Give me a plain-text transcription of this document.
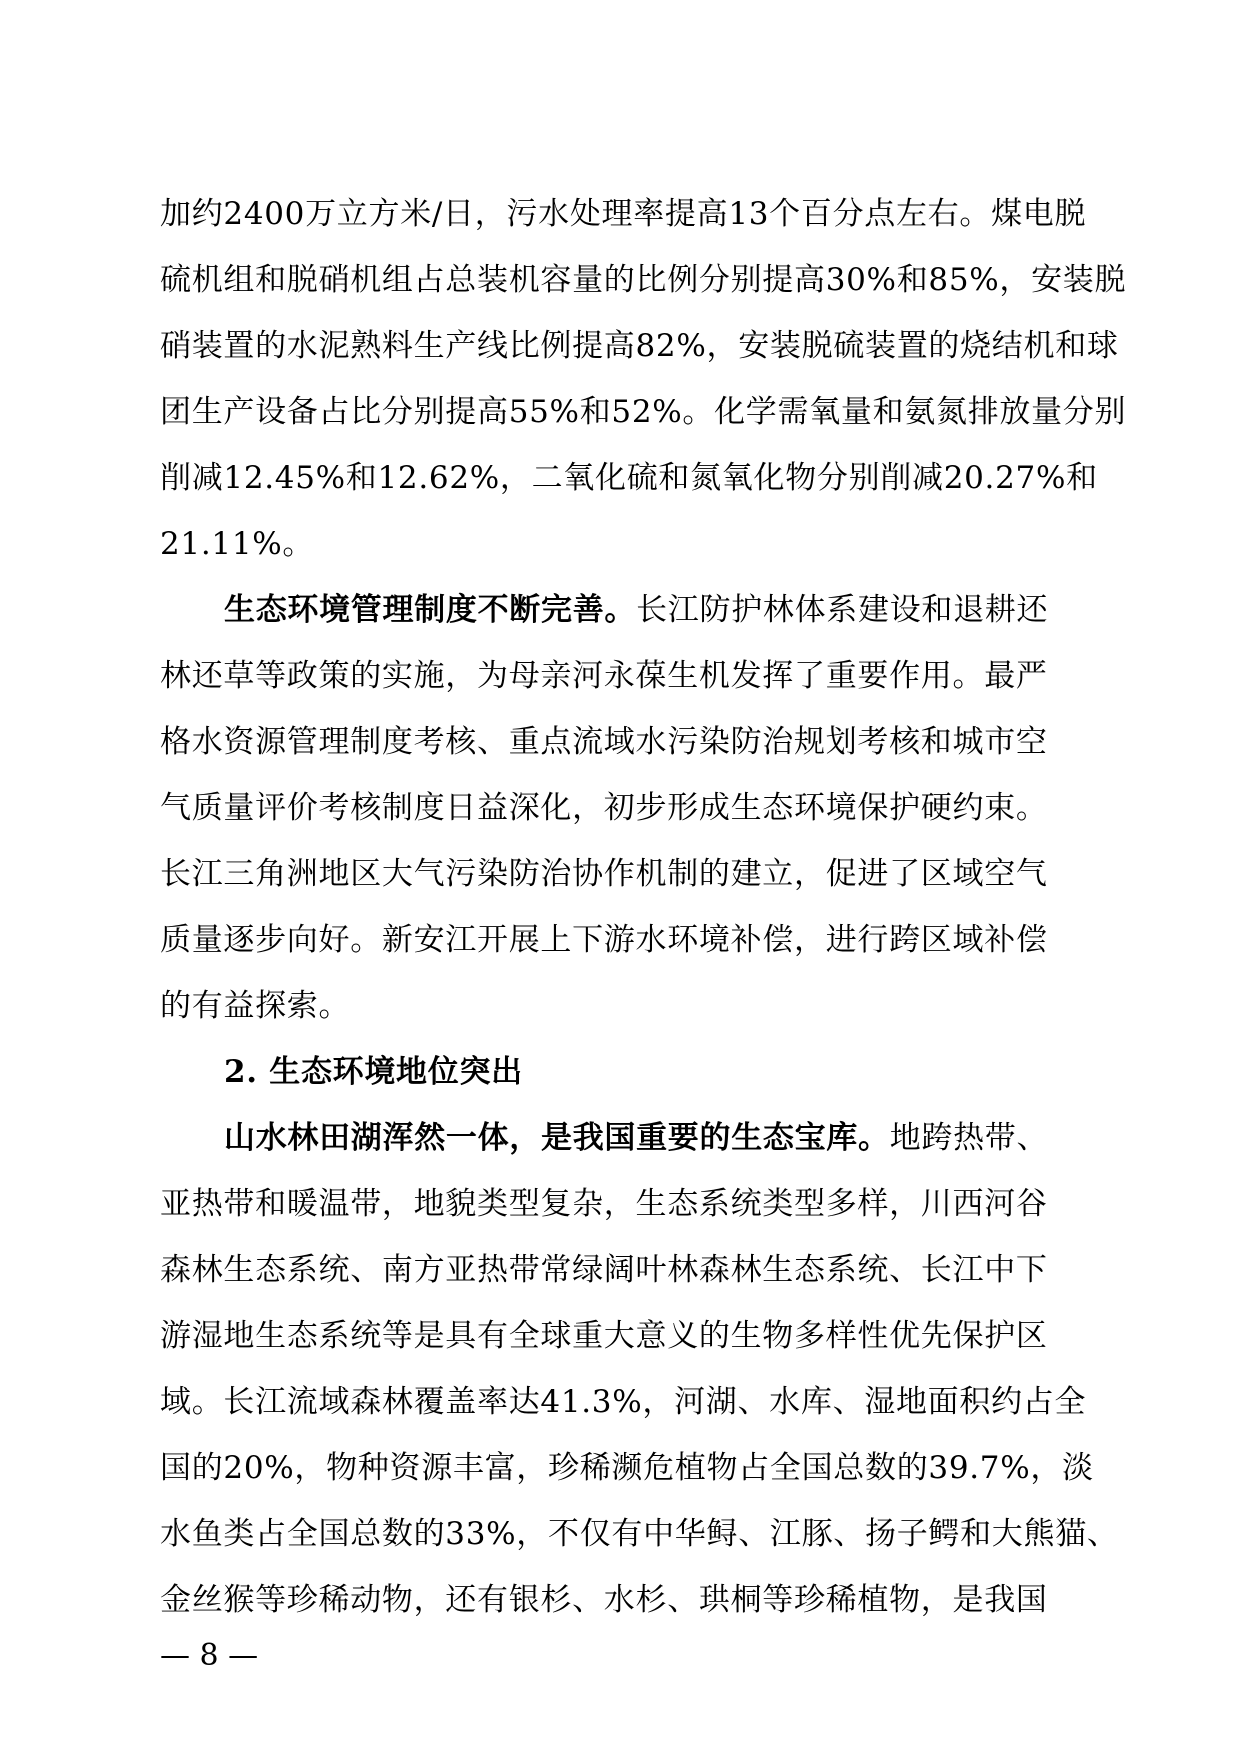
加约2400万立方米/日，污水处理率提高13个百分点左右。煤电脱
硫机组和脱硝机组占总装机容量的比例分别提高30%和85%，安装脱
硝装置的水泥熟料生产线比例提高82%，安装脱硫装置的烧结机和球
团生产设备占比分别提高55%和52%。化学需氧量和氨氮排放量分别
削减12.45%和12.62%，二氧化硫和氮氧化物分别削减20.27%和
21.11%。
生态环境管理制度不断完善。长江防护林体系建设和退耕还
林还草等政策的实施，为母亲河永葆生机发挥了重要作用。最严
格水资源管理制度考核、重点流域水污染防治规划考核和城市空
气质量评价考核制度日益深化，初步形成生态环境保护硬约束。
长江三角洲地区大气污染防治协作机制的建立，促进了区域空气
质量逐步向好。新安江开展上下游水环境补偿，进行跨区域补偿
的有益探索。
2. 生态环境地位突出
山水林田湖浑然一体，是我国重要的生态宝库。地跨热带、
亚热带和暖温带，地貌类型复杂，生态系统类型多样，川西河谷
森林生态系统、南方亚热带常绿阔叶林森林生态系统、长江中下
游湿地生态系统等是具有全球重大意义的生物多样性优先保护区
域。长江流域森林覆盖率达41.3%，河湖、水库、湿地面积约占全
国的20%，物种资源丰富，珍稀濒危植物占全国总数的39.7%，淡
水鱼类占全国总数的33%，不仅有中华鲟、江豚、扬子鳄和大熊猫、
金丝猴等珍稀动物，还有银杉、水杉、珙桐等珍稀植物，是我国
— 8 —
